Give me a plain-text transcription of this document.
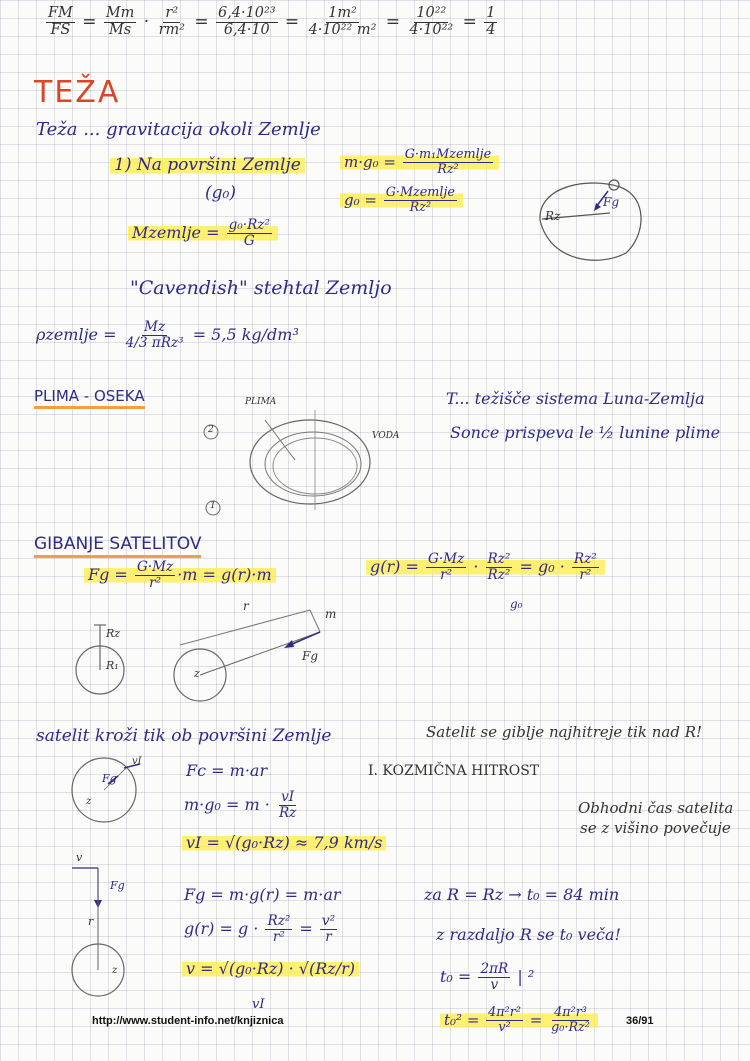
$\frac{FM}{FS} = \frac{Mm}{Ms} \cdot \frac{\text{r²}}{\text{rm²}} = \frac{\text{6,4·10²³}}{6,4\cdot 10} = \frac{\text{1m²}}{\text{4·10²² m²}} = \frac{\text{10²²}}{\text{4·10²²}} = \frac{1}{4}$
TEŽA
Teža ... gravitacija okoli Zemlje
1) Na površini Zemlje
(g₀)
Mzemlje = $\frac{\text{g₀·Rz²}}{G}$
$m\cdot g_0 = \frac{\text{G·m₁Mzemlje}}{\text{Rz²}}$
$g_0 = \frac{\text{G·Mzemlje}}{\text{Rz²}}$
Rz
Fg
"Cavendish" stehtal Zemljo
ρzemlje = $\frac{Mz}{\text{4/3 πRz³}} = 5,5$ kg/dm³
PLIMA - OSEKA	PLIMA
VODA
2
1
T... težišče sistema Luna-Zemlja
Sonce prispeva le ½ lunine plime
GIBANJE SATELITOV
$Fg = \frac{G\cdot Mz}{\text{r²}} \cdot m = g(r)\cdot m$	$g(r) = \frac{G\cdot Mz}{\text{r²}} \cdot \frac{\text{Rz²}}{\text{Rz²}} = g_0 \cdot \frac{\text{Rz²}}{\text{r²}}$
g₀
Rz
R₁
r
m
Fg
z
satelit kroži tik ob površini Zemlje	Satelit se giblje najhitreje tik nad R!
vI
Fg
z
Fc = m·ar	I. KOZMIČNA HITROST
$m\cdot g_0 = m \cdot \frac{vI}{Rz}$
vI = √(g₀·Rz) ≈ 7,9 km/s
Obhodni čas satelita
se z višino povečuje
v
Fg
r
z
Fg = m·g(r) = m·ar
$g(r) = g \cdot \frac{\text{Rz²}}{\text{r²}} = \frac{\text{v²}}{r}$
v = √(g₀·Rz) · √(Rz/r)
vI
za R = Rz → t₀ = 84 min
z razdaljo R se t₀ veča!
$t_0 = \frac{2\pi R}{v}$ | ²
$t_0^2 = \frac{\text{4π²r²}}{\text{v²}} = \frac{\text{4π²r³}}{\text{g₀·Rz²}}$
http://www.student-info.net/knjiznica	36/91
